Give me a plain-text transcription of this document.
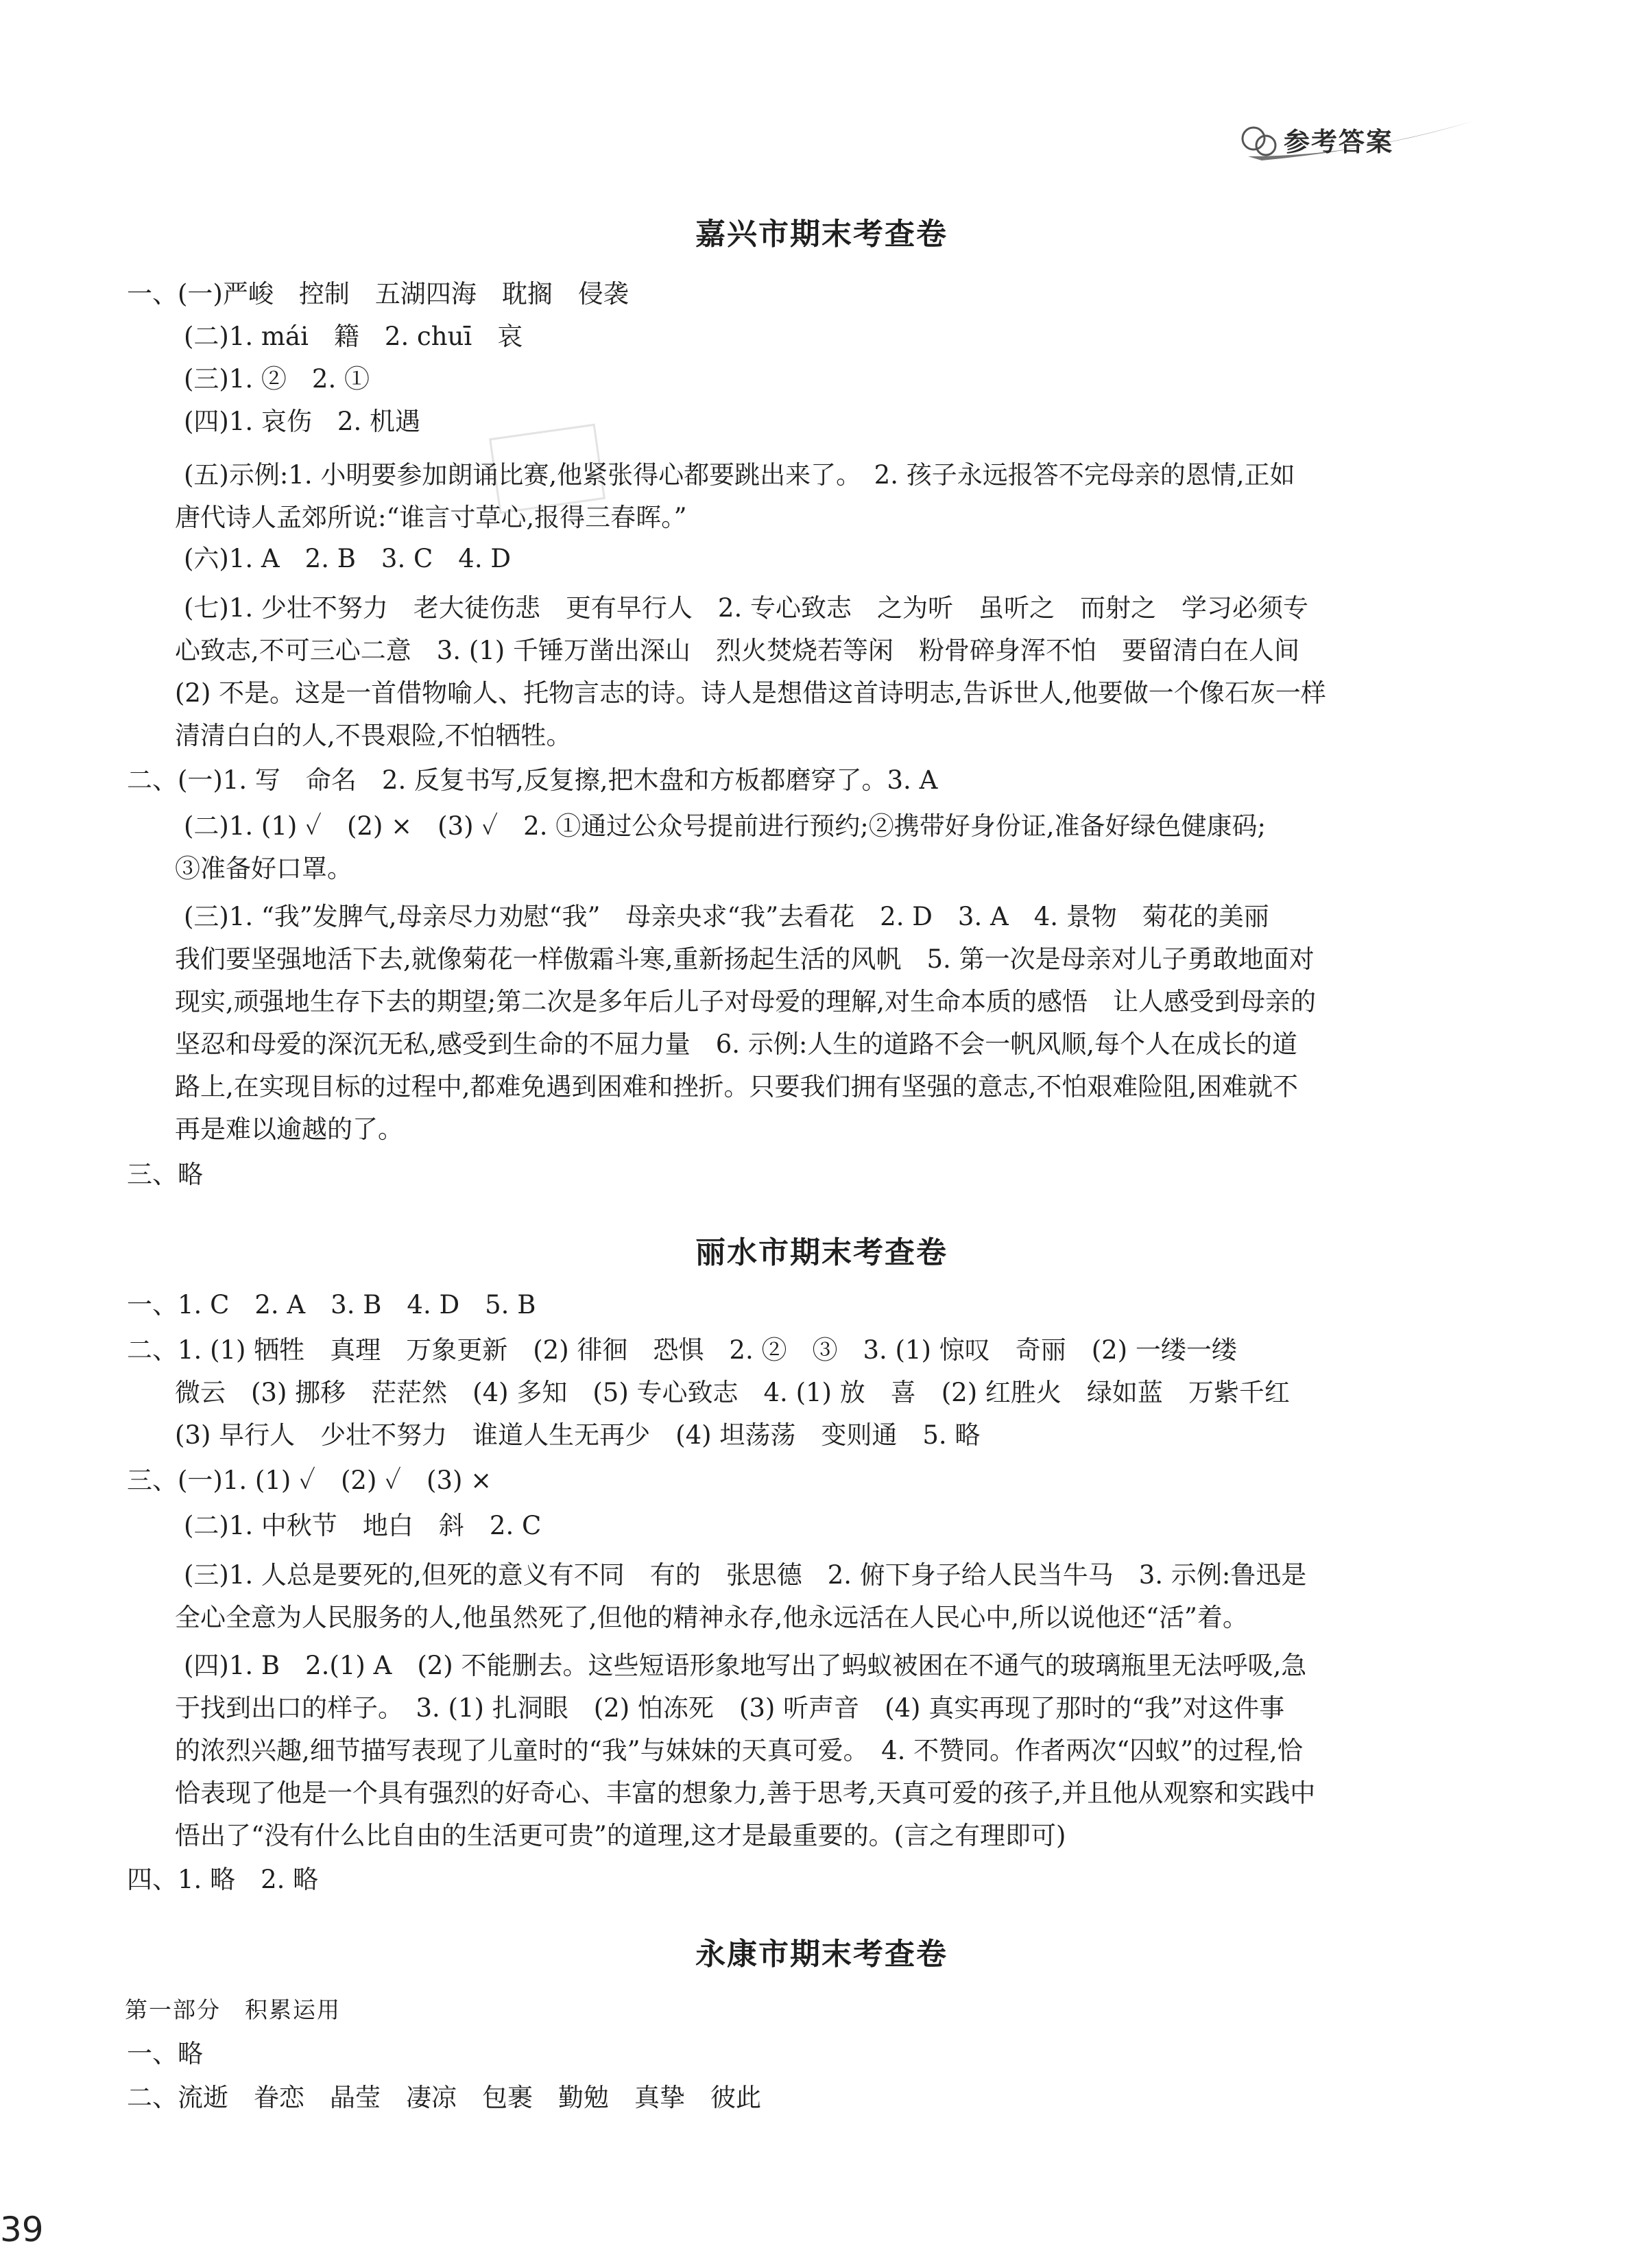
参考答案
嘉兴市期末考查卷
一、(一)严峻　控制　五湖四海　耽搁　侵袭
(二)1. mái　籍　2. chuī　哀
(三)1. ②　2. ①
(四)1. 哀伤　2. 机遇
(五)示例:1. 小明要参加朗诵比赛,他紧张得心都要跳出来了。　2. 孩子永远报答不完母亲的恩情,正如
唐代诗人孟郊所说:“谁言寸草心,报得三春晖。”
(六)1. A　2. B　3. C　4. D
(七)1. 少壮不努力　老大徒伤悲　更有早行人　2. 专心致志　之为听　虽听之　而射之　学习必须专
心致志,不可三心二意　3. (1) 千锤万凿出深山　烈火焚烧若等闲　粉骨碎身浑不怕　要留清白在人间
(2) 不是。这是一首借物喻人、托物言志的诗。诗人是想借这首诗明志,告诉世人,他要做一个像石灰一样
清清白白的人,不畏艰险,不怕牺牲。
二、(一)1. 写　命名　2. 反复书写,反复擦,把木盘和方板都磨穿了。3. A
(二)1. (1) ✓　(2) ×　(3) ✓　2. ①通过公众号提前进行预约;②携带好身份证,准备好绿色健康码;
③准备好口罩。
(三)1. “我”发脾气,母亲尽力劝慰“我”　母亲央求“我”去看花　2. D　3. A　4. 景物　菊花的美丽
我们要坚强地活下去,就像菊花一样傲霜斗寒,重新扬起生活的风帆　5. 第一次是母亲对儿子勇敢地面对
现实,顽强地生存下去的期望;第二次是多年后儿子对母爱的理解,对生命本质的感悟　让人感受到母亲的
坚忍和母爱的深沉无私,感受到生命的不屈力量　6. 示例:人生的道路不会一帆风顺,每个人在成长的道
路上,在实现目标的过程中,都难免遇到困难和挫折。只要我们拥有坚强的意志,不怕艰难险阻,困难就不
再是难以逾越的了。
三、略
丽水市期末考查卷
一、1. C　2. A　3. B　4. D　5. B
二、1. (1) 牺牲　真理　万象更新　(2) 徘徊　恐惧　2. ②　③　3. (1) 惊叹　奇丽　(2) 一缕一缕
微云　(3) 挪移　茫茫然　(4) 多知　(5) 专心致志　4. (1) 放　喜　(2) 红胜火　绿如蓝　万紫千红
(3) 早行人　少壮不努力　谁道人生无再少　(4) 坦荡荡　变则通　5. 略
三、(一)1. (1) ✓　(2) ✓　(3) ×
(二)1. 中秋节　地白　斜　2. C
(三)1. 人总是要死的,但死的意义有不同　有的　张思德　2. 俯下身子给人民当牛马　3. 示例:鲁迅是
全心全意为人民服务的人,他虽然死了,但他的精神永存,他永远活在人民心中,所以说他还“活”着。
(四)1. B　2.(1) A　(2) 不能删去。这些短语形象地写出了蚂蚁被困在不通气的玻璃瓶里无法呼吸,急
于找到出口的样子。　3. (1) 扎洞眼　(2) 怕冻死　(3) 听声音　(4) 真实再现了那时的“我”对这件事
的浓烈兴趣,细节描写表现了儿童时的“我”与妹妹的天真可爱。　4. 不赞同。作者两次“囚蚁”的过程,恰
恰表现了他是一个具有强烈的好奇心、丰富的想象力,善于思考,天真可爱的孩子,并且他从观察和实践中
悟出了“没有什么比自由的生活更可贵”的道理,这才是最重要的。(言之有理即可)
四、1. 略　2. 略
永康市期末考查卷
第一部分　积累运用
一、略
二、流逝　眷恋　晶莹　凄凉　包裹　勤勉　真挚　彼此
39
